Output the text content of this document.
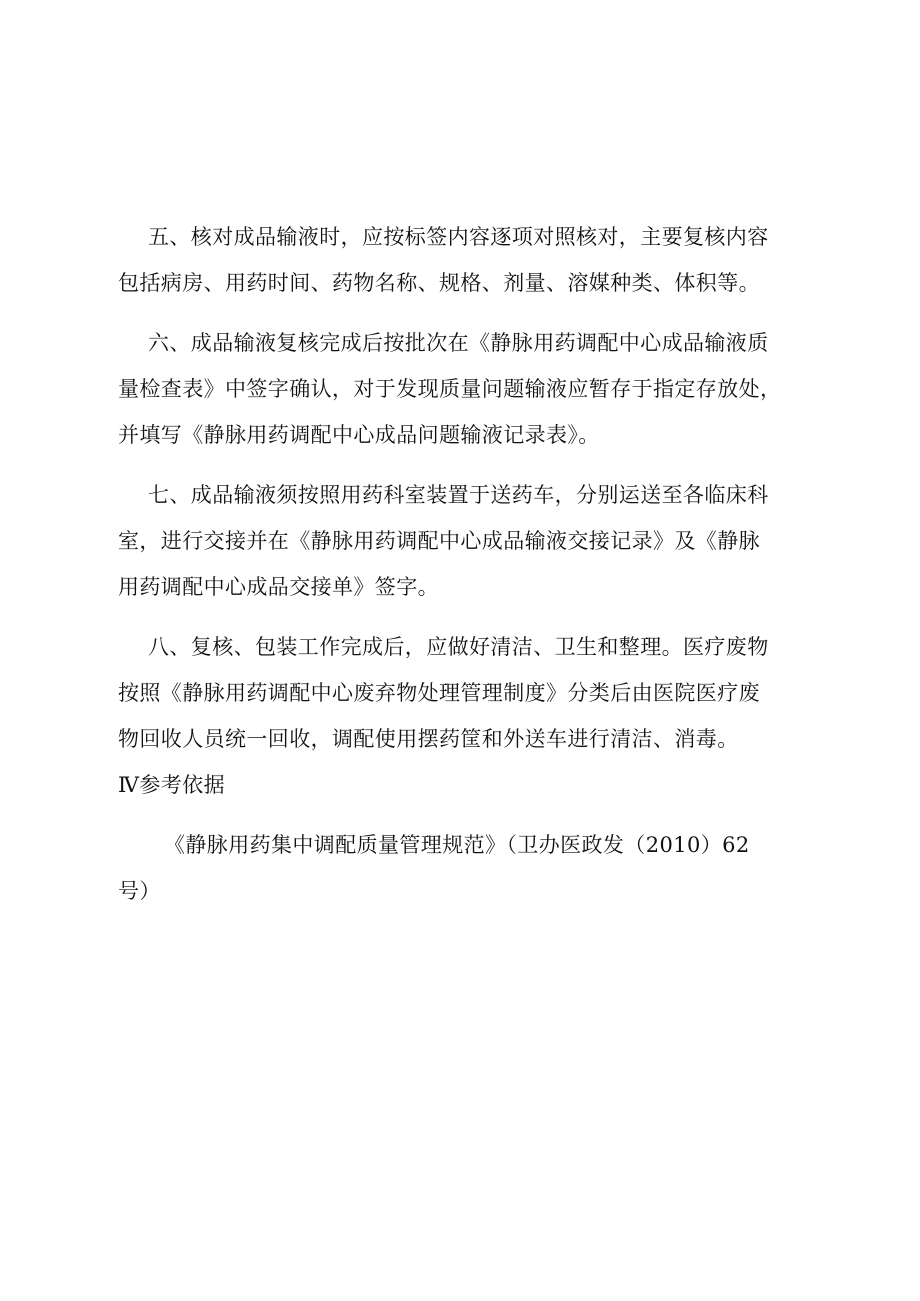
五、核对成品输液时，应按标签内容逐项对照核对，主要复核内容
包括病房、用药时间、药物名称、规格、剂量、溶媒种类、体积等。
六、成品输液复核完成后按批次在《静脉用药调配中心成品输液质
量检查表》中签字确认，对于发现质量问题输液应暂存于指定存放处，
并填写《静脉用药调配中心成品问题输液记录表》。
七、成品输液须按照用药科室装置于送药车，分别运送至各临床科
室，进行交接并在《静脉用药调配中心成品输液交接记录》及《静脉
用药调配中心成品交接单》签字。
八、复核、包装工作完成后，应做好清洁、卫生和整理。医疗废物
按照《静脉用药调配中心废弃物处理管理制度》分类后由医院医疗废
物回收人员统一回收，调配使用摆药筐和外送车进行清洁、消毒。
Ⅳ参考依据
《静脉用药集中调配质量管理规范》（卫办医政发（2010）62
号）
